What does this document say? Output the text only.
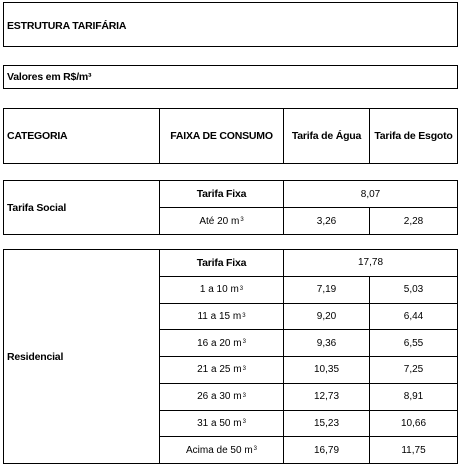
ESTRUTURA TARIFÁRIA
Valores em R$/m³
CATEGORIA	FAIXA DE CONSUMO	Tarifa de Água	Tarifa de Esgoto
Tarifa Social
Tarifa Fixa	8,07
Até 20 $m^3$	3,26	2,28
Residencial
Tarifa Fixa	17,78
1 a 10 $m^3$	7,19	5,03
11 a 15 $m^3$	9,20	6,44
16 a 20 $m^3$	9,36	6,55
21 a 25 $m^3$	10,35	7,25
26 a 30 $m^3$	12,73	8,91
31 a 50 $m^3$	15,23	10,66
Acima de 50 $m^3$	16,79	11,75
